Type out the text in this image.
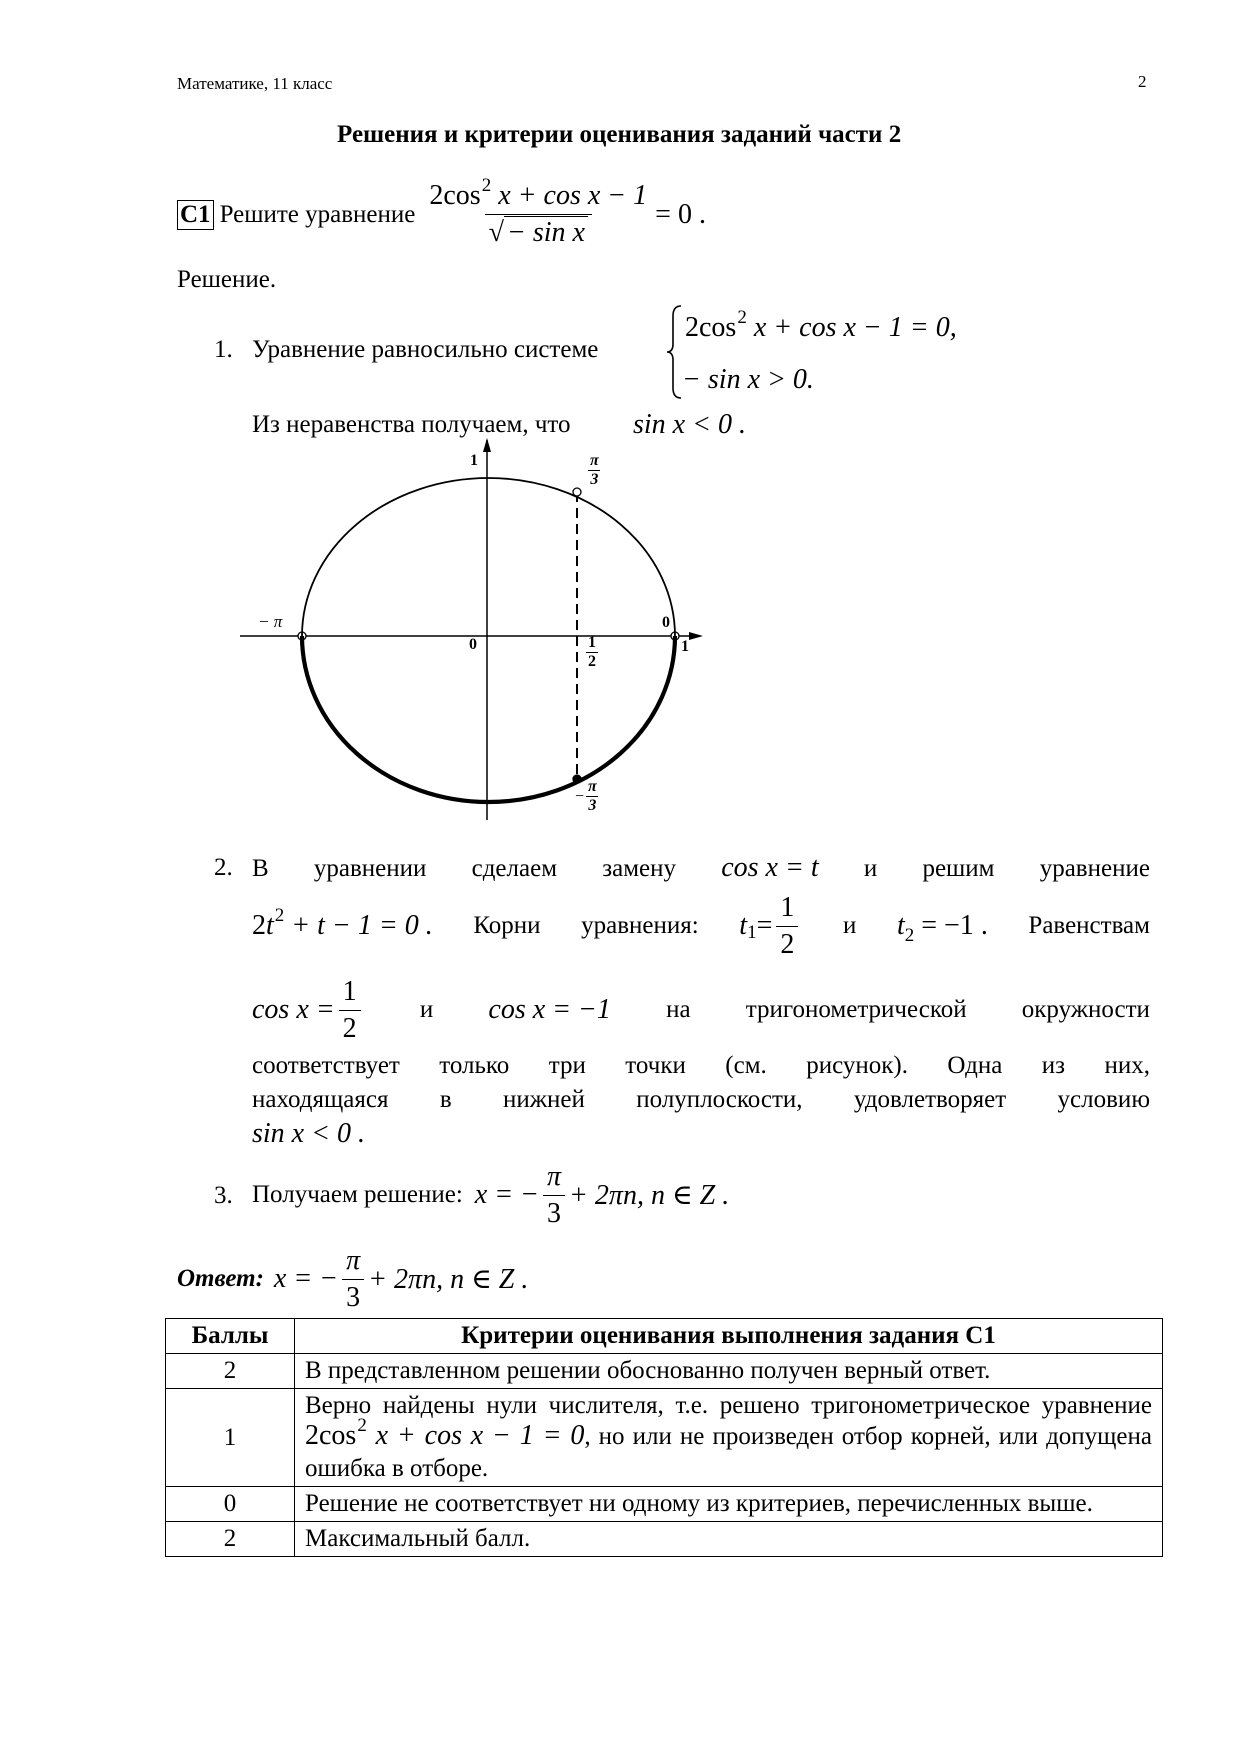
Математике, 11 класс	2
Решения и критерии оценивания заданий части 2
С1 Решите уравнение $\frac{2\cos^2 x + \cos x - 1}{\text{√ − sin x}} = 0$ .
Решение.
1. Уравнение равносильно системе
$2\cos^2$ x + cos x − 1 = 0,
− sin x > 0.
Из неравенства получаем, что sin x < 0 .
1	$\frac{\pi}{3}$
− π	0
1
0	$\frac{1}{2}$
− $\frac{\pi}{3}$
2. В уравнении сделаем замену cos x = t и решим уравнение
$2t^2 + t - 1 = 0$ . Корни уравнения: t $1 = \frac{1}{2}$ и $t_2 = -1$ . Равенствам
$\cos x = \frac{1}{2}$ и cos x = −1 на тригонометрической окружности
соответствует только три точки (см. рисунок). Одна из них,
находящаяся в нижней полуплоскости, удовлетворяет условию
sin x < 0 .
3. Получаем решение: x = − $\frac{\pi}{3} + 2\pi n$, n ∈ Z .
Ответ: x = − $\frac{\pi}{3} + 2\pi n$, n ∈ Z .
Баллы	Критерии оценивания выполнения задания С1
2	В представленном решении обоснованно получен верный ответ.
1	Верно найдены нули числителя, т.е. решено тригонометрическое уравнение $2\cos^2$ x + cos x − 1 = 0, но или не произведен отбор корней, или допущена ошибка в отборе.
0	Решение не соответствует ни одному из критериев, перечисленных выше.
2	Максимальный балл.
